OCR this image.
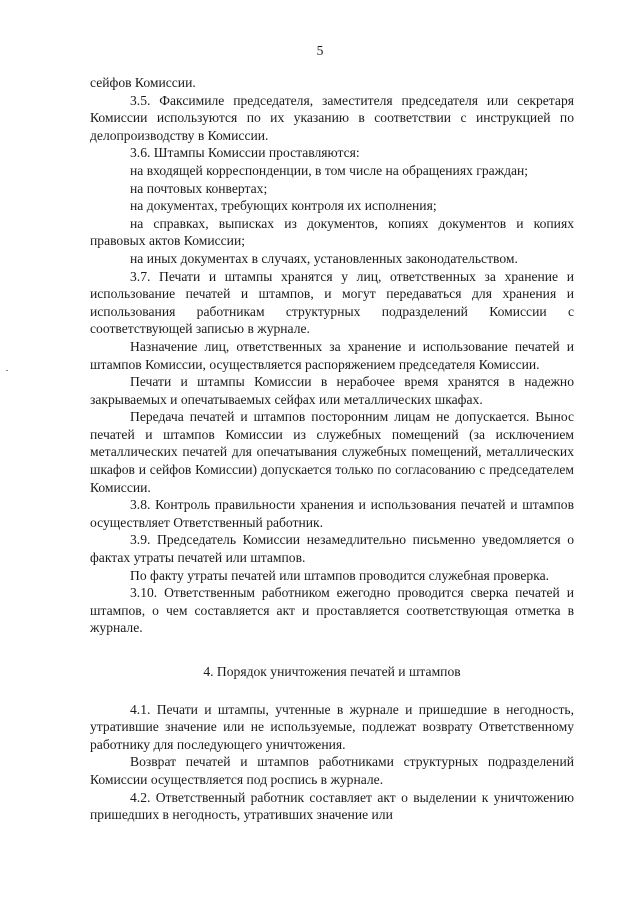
5

сейфов Комиссии.

3.5. Факсимиле председателя, заместителя председателя или секретаря Комиссии используются по их указанию в соответствии с инструкцией по делопроизводству в Комиссии.

3.6. Штампы Комиссии проставляются:

на входящей корреспонденции, в том числе на обращениях граждан;

на почтовых конвертах;

на документах, требующих контроля их исполнения;

на справках, выписках из документов, копиях документов и копиях правовых актов Комиссии;

на иных документах в случаях, установленных законодательством.

3.7. Печати и штампы хранятся у лиц, ответственных за хранение и использование печатей и штампов, и могут передаваться для хранения и использования работникам структурных подразделений Комиссии с соответствующей записью в журнале.

Назначение лиц, ответственных за хранение и использование печатей и штампов Комиссии, осуществляется распоряжением председателя Комиссии.

Печати и штампы Комиссии в нерабочее время хранятся в надежно закрываемых и опечатываемых сейфах или металлических шкафах.

Передача печатей и штампов посторонним лицам не допускается. Вынос печатей и штампов Комиссии из служебных помещений (за исключением металлических печатей для опечатывания служебных помещений, металлических шкафов и сейфов Комиссии) допускается только по согласованию с председателем Комиссии.

3.8. Контроль правильности хранения и использования печатей и штампов осуществляет Ответственный работник.

3.9. Председатель Комиссии незамедлительно письменно уведомляется о фактах утраты печатей или штампов.

По факту утраты печатей или штампов проводится служебная проверка.

3.10. Ответственным работником ежегодно проводится сверка печатей и штампов, о чем составляется акт и проставляется соответствующая отметка в журнале.

4. Порядок уничтожения печатей и штампов

4.1. Печати и штампы, учтенные в журнале и пришедшие в негодность, утратившие значение или не используемые, подлежат возврату Ответственному работнику для последующего уничтожения.

Возврат печатей и штампов работниками структурных подразделений Комиссии осуществляется под роспись в журнале.

4.2. Ответственный работник составляет акт о выделении к уничтожению пришедших в негодность, утративших значение или
